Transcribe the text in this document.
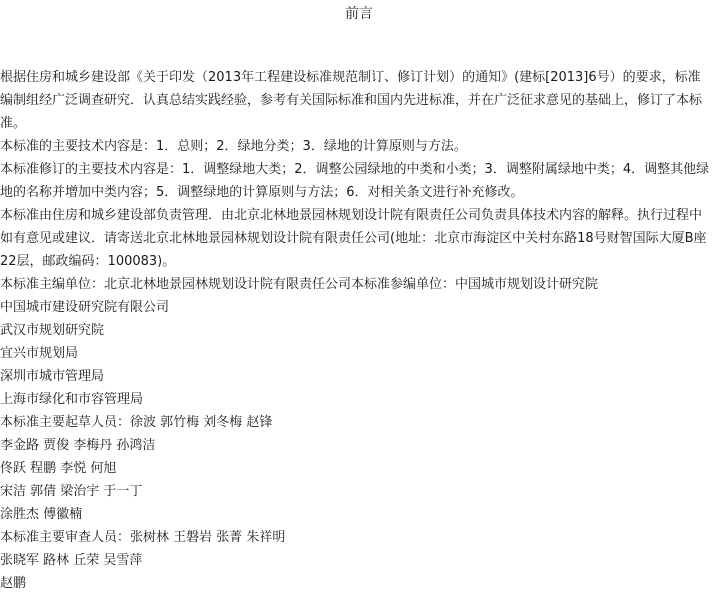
前言

根据住房和城乡建设部《关于印发（2013年工程建设标准规范制订、修订计划）的通知》(建标[2013]6号）的要求，标准编制组经广泛调查研究．认真总结实践经验，参考有关国际标准和国内先进标准，并在广泛征求意见的基础上，修订了本标准。

本标准的主要技术内容是：1．总则；2．绿地分类；3．绿地的计算原则与方法。

本标准修订的主要技术内容是：1．调整绿地大类；2．调整公园绿地的中类和小类；3．调整附属绿地中类；4．调整其他绿地的名称并增加中类内容；5．调整绿地的计算原则与方法；6．对相关条文进行补充修改。

本标准由住房和城乡建设部负责管理．由北京北林地景园林规划设计院有限责任公司负责具体技术内容的解释。执行过程中如有意见或建议．请寄送北京北林地景园林规划设计院有限责任公司(地址：北京市海淀区中关村东路18号财智国际大厦B座22层，邮政编码：100083)。

本标准主编单位：北京北林地景园林规划设计院有限责任公司本标准参编单位：中国城市规划设计研究院

中国城市建设研究院有限公司

武汉市规划研究院

宜兴市规划局

深圳市城市管理局

上海市绿化和市容管理局

本标准主要起草人员：徐波 郭竹梅 刘冬梅 赵锋

李金路 贾俊 李梅丹 孙鸿洁

佟跃 程鹏 李悦 何旭

宋洁 郭倩 梁治宇 于一丁

涂胜杰 傅徽楠

本标准主要审查人员：张树林 王磐岩 张菁 朱祥明

张晓军 路林 丘荣 吴雪萍

赵鹏
